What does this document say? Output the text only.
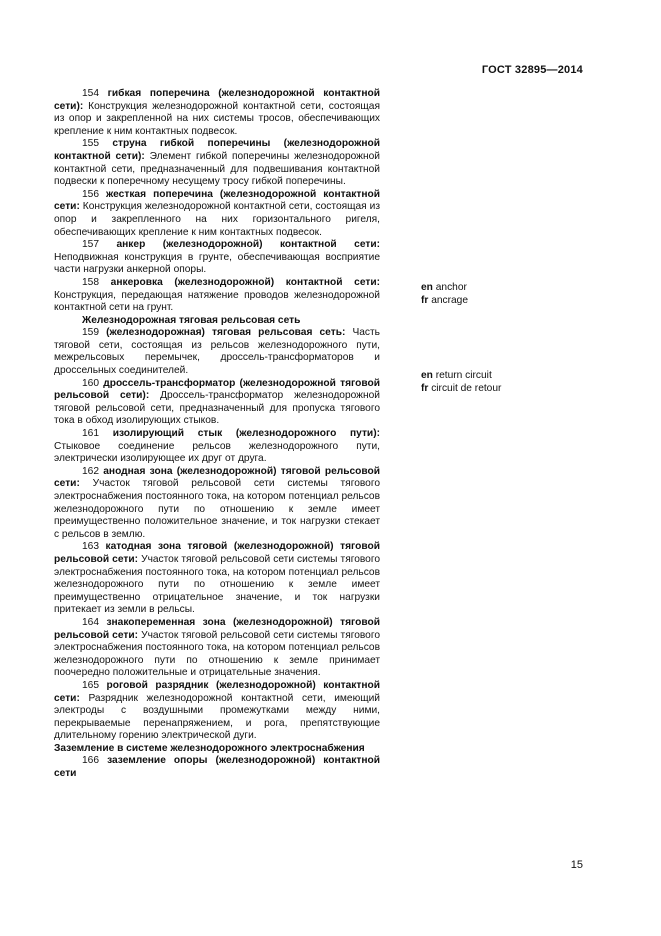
ГОСТ 32895—2014

154 гибкая поперечина (железнодорожной контактной сети): Конструкция железнодорожной контактной сети, состоящая из опор и закрепленной на них системы тросов, обеспечивающих крепление к ним контактных подвесок.

155 струна гибкой поперечины (железнодорожной контактной сети): Элемент гибкой поперечины железнодорожной контактной сети, предназначенный для подвешивания контактной подвески к поперечному несущему тросу гибкой поперечины.

156 жесткая поперечина (железнодорожной контактной сети: Конструкция железнодорожной контактной сети, состоящая из опор и закрепленного на них горизонтального ригеля, обеспечивающих крепление к ним контактных подвесок.

157 анкер (железнодорожной) контактной сети: Неподвижная конструкция в грунте, обеспечивающая восприятие части нагрузки анкерной опоры.

158 анкеровка (железнодорожной) контактной сети: Конструкция, передающая натяжение проводов железнодорожной контактной сети на грунт.

Железнодорожная тяговая рельсовая сеть

159 (железнодорожная) тяговая рельсовая сеть: Часть тяговой сети, состоящая из рельсов железнодорожного пути, межрельсовых перемычек, дроссель-трансформаторов и дроссельных соединителей.

160 дроссель-трансформатор (железнодорожной тяговой рельсовой сети): Дроссель-трансформатор железнодорожной тяговой рельсовой сети, предназначенный для пропуска тягового тока в обход изолирующих стыков.

161 изолирующий стык (железнодорожного пути): Стыковое соединение рельсов железнодорожного пути, электрически изолирующее их друг от друга.

162 анодная зона (железнодорожной) тяговой рельсовой сети: Участок тяговой рельсовой сети системы тягового электроснабжения постоянного тока, на котором потенциал рельсов железнодорожного пути по отношению к земле имеет преимущественно положительное значение, и ток нагрузки стекает с рельсов в землю.

163 катодная зона тяговой (железнодорожной) тяговой рельсовой сети: Участок тяговой рельсовой сети системы тягового электроснабжения постоянного тока, на котором потенциал рельсов железнодорожного пути по отношению к земле имеет преимущественно отрицательное значение, и ток нагрузки притекает из земли в рельсы.

164 знакопеременная зона (железнодорожной) тяговой рельсовой сети: Участок тяговой рельсовой сети системы тягового электроснабжения постоянного тока, на котором потенциал рельсов железнодорожного пути по отношению к земле принимает поочередно положительные и отрицательные значения.

165 роговой разрядник (железнодорожной) контактной сети: Разрядник железнодорожной контактной сети, имеющий электроды с воздушными промежутками между ними, перекрываемые перенапряжением, и рога, препятствующие длительному горению электрической дуги.

Заземление в системе железнодорожного электроснабжения

166 заземление опоры (железнодорожной) контактной сети

en anchor
fr ancrage
en return circuit
fr circuit de retour
15
